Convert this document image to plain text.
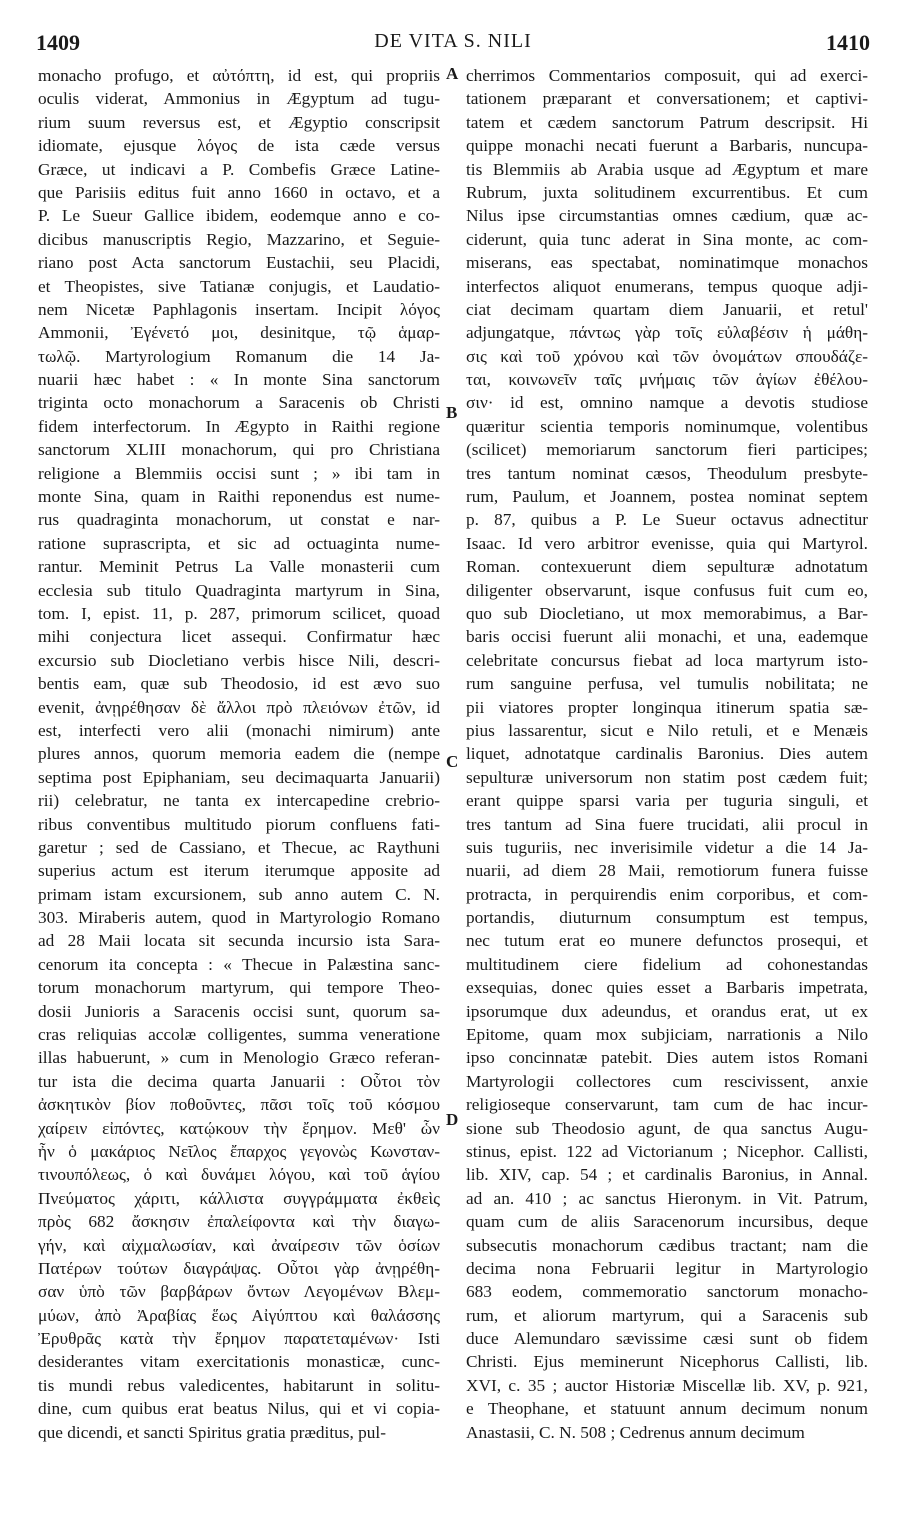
1409	DE VITA S. NILI	1410
monacho profugo, et αὐτόπτη, id est, qui propriis
oculis viderat, Ammonius in Ægyptum ad tugu-
rium suum reversus est, et Ægyptio conscripsit
idiomate, ejusque λόγος de ista cæde versus
Græce, ut indicavi a P. Combefis Græce Latine-
que Parisiis editus fuit anno 1660 in octavo, et a
P. Le Sueur Gallice ibidem, eodemque anno e co-
dicibus manuscriptis Regio, Mazzarino, et Seguie-
riano post Acta sanctorum Eustachii, seu Placidi,
et Theopistes, sive Tatianæ conjugis, et Laudatio-
nem Nicetæ Paphlagonis insertam. Incipit λόγος
Ammonii, Ἐγένετό μοι, desinitque, τῷ ἁμαρ-
τωλῷ. Martyrologium Romanum die 14 Ja-
nuarii hæc habet : « In monte Sina sanctorum
triginta octo monachorum a Saracenis ob Christi
fidem interfectorum. In Ægypto in Raithi regione
sanctorum XLIII monachorum, qui pro Christiana
religione a Blemmiis occisi sunt ; » ibi tam in
monte Sina, quam in Raithi reponendus est nume-
rus quadraginta monachorum, ut constat e nar-
ratione suprascripta, et sic ad octuaginta nume-
rantur. Meminit Petrus La Valle monasterii cum
ecclesia sub titulo Quadraginta martyrum in Sina,
tom. I, epist. 11, p. 287, primorum scilicet, quoad
mihi conjectura licet assequi. Confirmatur hæc
excursio sub Diocletiano verbis hisce Nili, descri-
bentis eam, quæ sub Theodosio, id est ævo suo
evenit, ἀνῃρέθησαν δὲ ἄλλοι πρὸ πλειόνων ἐτῶν, id
est, interfecti vero alii (monachi nimirum) ante
plures annos, quorum memoria eadem die (nempe
septima post Epiphaniam, seu decimaquarta Januarii)
rii) celebratur, ne tanta ex intercapedine crebrio-
ribus conventibus multitudo piorum confluens fati-
garetur ; sed de Cassiano, et Thecue, ac Raythuni
superius actum est iterum iterumque apposite ad
primam istam excursionem, sub anno autem C. N.
303. Miraberis autem, quod in Martyrologio Romano
ad 28 Maii locata sit secunda incursio ista Sara-
cenorum ita concepta : « Thecue in Palæstina sanc-
torum monachorum martyrum, qui tempore Theo-
dosii Junioris a Saracenis occisi sunt, quorum sa-
cras reliquias accolæ colligentes, summa veneratione
illas habuerunt, » cum in Menologio Græco referan-
tur ista die decima quarta Januarii : Οὗτοι τὸν
ἀσκητικὸν βίον ποθοῦντες, πᾶσι τοῖς τοῦ κόσμου
χαίρειν εἰπόντες, κατῴκουν τὴν ἔρημον. Μεθ' ὧν
ἦν ὁ μακάριος Νεῖλος ἔπαρχος γεγονὼς Κωνσταν-
τινουπόλεως, ὁ καὶ δυνάμει λόγου, καὶ τοῦ ἁγίου
Πνεύματος χάριτι, κάλλιστα συγγράμματα ἐκθεὶς
πρὸς 682 ἄσκησιν ἐπαλείφοντα καὶ τὴν διαγω-
γήν, καὶ αἰχμαλωσίαν, καὶ ἀναίρεσιν τῶν ὁσίων
Πατέρων τούτων διαγράψας. Οὗτοι γὰρ ἀνῃρέθη-
σαν ὑπὸ τῶν βαρβάρων ὄντων Λεγομένων Βλεμ-
μύων, ἀπὸ Ἀραβίας ἕως Αἰγύπτου καὶ θαλάσσης
Ἐρυθρᾶς κατὰ τὴν ἔρημον παρατεταμένων· Isti
desiderantes vitam exercitationis monasticæ, cunc-
tis mundi rebus valedicentes, habitarunt in solitu-
dine, cum quibus erat beatus Nilus, qui et vi copia-
que dicendi, et sancti Spiritus gratia præditus, pul-
cherrimos Commentarios composuit, qui ad exerci-
tationem præparant et conversationem; et captivi-
tatem et cædem sanctorum Patrum descripsit. Hi
quippe monachi necati fuerunt a Barbaris, nuncupa-
tis Blemmiis ab Arabia usque ad Ægyptum et mare
Rubrum, juxta solitudinem excurrentibus. Et cum
Nilus ipse circumstantias omnes cædium, quæ ac-
ciderunt, quia tunc aderat in Sina monte, ac com-
miserans, eas spectabat, nominatimque monachos
interfectos aliquot enumerans, tempus quoque adji-
ciat decimam quartam diem Januarii, et retul'
adjungatque, πάντως γὰρ τοῖς εὐλαβέσιν ἡ μάθη-
σις καὶ τοῦ χρόνου καὶ τῶν ὀνομάτων σπουδάζε-
ται, κοινωνεῖν ταῖς μνήμαις τῶν ἁγίων ἐθέλου-
σιν· id est, omnino namque a devotis studiose
quæritur scientia temporis nominumque, volentibus
(scilicet) memoriarum sanctorum fieri participes;
tres tantum nominat cæsos, Theodulum presbyte-
rum, Paulum, et Joannem, postea nominat septem
p. 87, quibus a P. Le Sueur octavus adnectitur
Isaac. Id vero arbitror evenisse, quia qui Martyrol.
Roman. contexuerunt diem sepulturæ adnotatum
diligenter observarunt, isque confusus fuit cum eo,
quo sub Diocletiano, ut mox memorabimus, a Bar-
baris occisi fuerunt alii monachi, et una, eademque
celebritate concursus fiebat ad loca martyrum isto-
rum sanguine perfusa, vel tumulis nobilitata; ne
pii viatores propter longinqua itinerum spatia sæ-
pius lassarentur, sicut e Nilo retuli, et e Menæis
liquet, adnotatque cardinalis Baronius. Dies autem
sepulturæ universorum non statim post cædem fuit;
erant quippe sparsi varia per tuguria singuli, et
tres tantum ad Sina fuere trucidati, alii procul in
suis tuguriis, nec inverisimile videtur a die 14 Ja-
nuarii, ad diem 28 Maii, remotiorum funera fuisse
protracta, in perquirendis enim corporibus, et com-
portandis, diuturnum consumptum est tempus,
nec tutum erat eo munere defunctos prosequi, et
multitudinem ciere fidelium ad cohonestandas
exsequias, donec quies esset a Barbaris impetrata,
ipsorumque dux adeundus, et orandus erat, ut ex
Epitome, quam mox subjiciam, narrationis a Nilo
ipso concinnatæ patebit. Dies autem istos Romani
Martyrologii collectores cum rescivissent, anxie
religioseque conservarunt, tam cum de hac incur-
sione sub Theodosio agunt, de qua sanctus Augu-
stinus, epist. 122 ad Victorianum ; Nicephor. Callisti,
lib. XIV, cap. 54 ; et cardinalis Baronius, in Annal.
ad an. 410 ; ac sanctus Hieronym. in Vit. Patrum,
quam cum de aliis Saracenorum incursibus, deque
subsecutis monachorum cædibus tractant; nam die
decima nona Februarii legitur in Martyrologio
683 eodem, commemoratio sanctorum monacho-
rum, et aliorum martyrum, qui a Saracenis sub
duce Alemundaro sævissime cæsi sunt ob fidem
Christi. Ejus meminerunt Nicephorus Callisti, lib.
XVI, c. 35 ; auctor Historiæ Miscellæ lib. XV, p. 921,
e Theophane, et statuunt annum decimum nonum
Anastasii, C. N. 508 ; Cedrenus annum decimum
A
B
C
D
